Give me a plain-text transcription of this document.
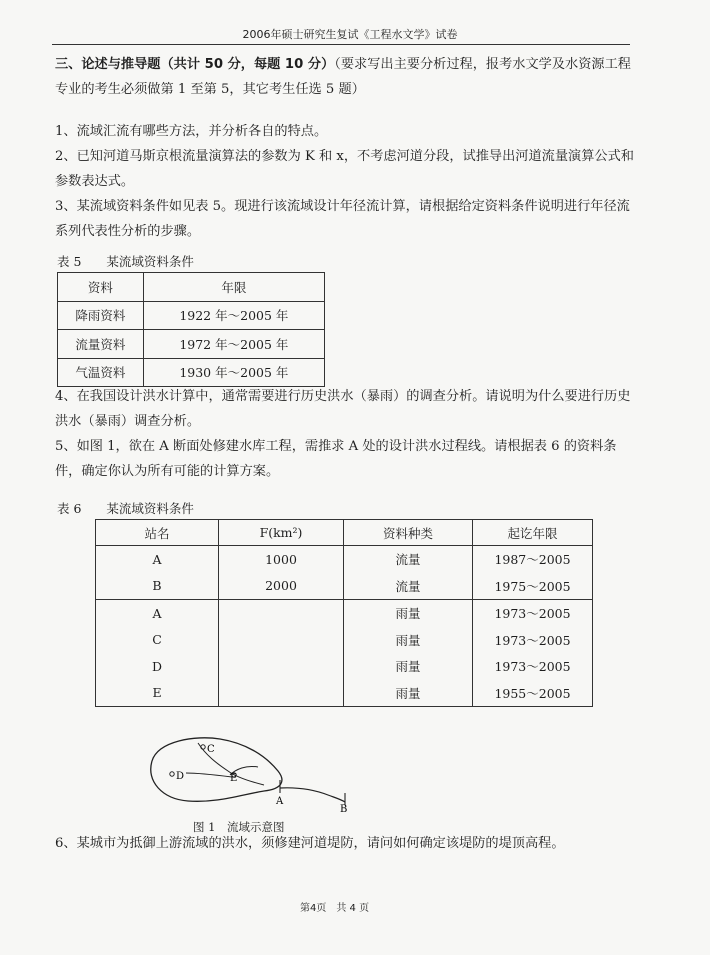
2006年硕士研究生复试《工程水文学》试卷
三、论述与推导题（共计 50 分，每题 10 分）（要求写出主要分析过程，报考水文学及水资源工程专业的考生必须做第 1 至第 5，其它考生任选 5 题）
1、流域汇流有哪些方法，并分析各自的特点。
2、已知河道马斯京根流量演算法的参数为 K 和 x，不考虑河道分段，试推导出河道流量演算公式和参数表达式。
3、某流域资料条件如见表 5。现进行该流域设计年径流计算，请根据给定资料条件说明进行年径流系列代表性分析的步骤。
表 5　　某流域资料条件
资料	年限
降雨资料	1922 年～2005 年
流量资料	1972 年～2005 年
气温资料	1930 年～2005 年
4、在我国设计洪水计算中，通常需要进行历史洪水（暴雨）的调查分析。请说明为什么要进行历史洪水（暴雨）调查分析。
5、如图 1，欲在 A 断面处修建水库工程，需推求 A 处的设计洪水过程线。请根据表 6 的资料条件，确定你认为所有可能的计算方案。
表 6　　某流域资料条件
站名	F(km²)	资料种类	起讫年限
A	1000	流量	1987～2005
B	2000	流量	1975～2005
A		雨量	1973～2005
C		雨量	1973～2005
D		雨量	1973～2005
E		雨量	1955～2005
C
D	E
A
B
图 1　流域示意图
6、某城市为抵御上游流域的洪水，须修建河道堤防，请问如何确定该堤防的堤顶高程。
第4页　共 4 页
